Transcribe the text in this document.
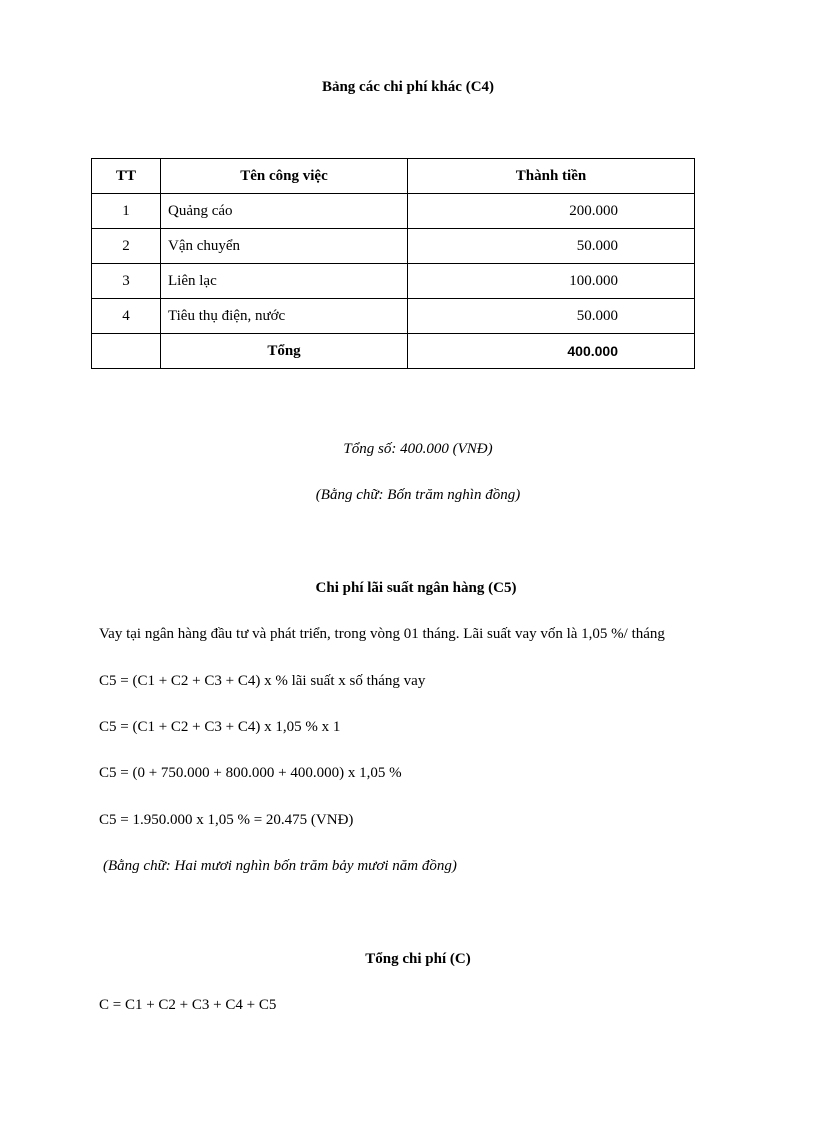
Bảng các chi phí khác (C4)
TT	Tên công việc	Thành tiền
1	Quảng cáo	200.000
2	Vận chuyển	50.000
3	Liên lạc	100.000
4	Tiêu thụ điện, nước	50.000
	Tổng	400.000
Tổng số: 400.000 (VNĐ)
(Bằng chữ: Bốn trăm nghìn đồng)
Chi phí lãi suất ngân hàng (C5)
Vay tại ngân hàng đầu tư và phát triển, trong vòng 01 tháng. Lãi suất vay vốn là 1,05 %/ tháng
C5 = (C1 + C2 + C3 + C4) x % lãi suất x số tháng vay
C5 = (C1 + C2 + C3 + C4) x 1,05 % x 1
C5 = (0 + 750.000 + 800.000 + 400.000) x 1,05 %
C5 = 1.950.000 x 1,05 % = 20.475 (VNĐ)
(Bằng chữ: Hai mươi nghìn bốn trăm bảy mươi năm đồng)
Tổng chi phí (C)
C = C1 + C2 + C3 + C4 + C5
